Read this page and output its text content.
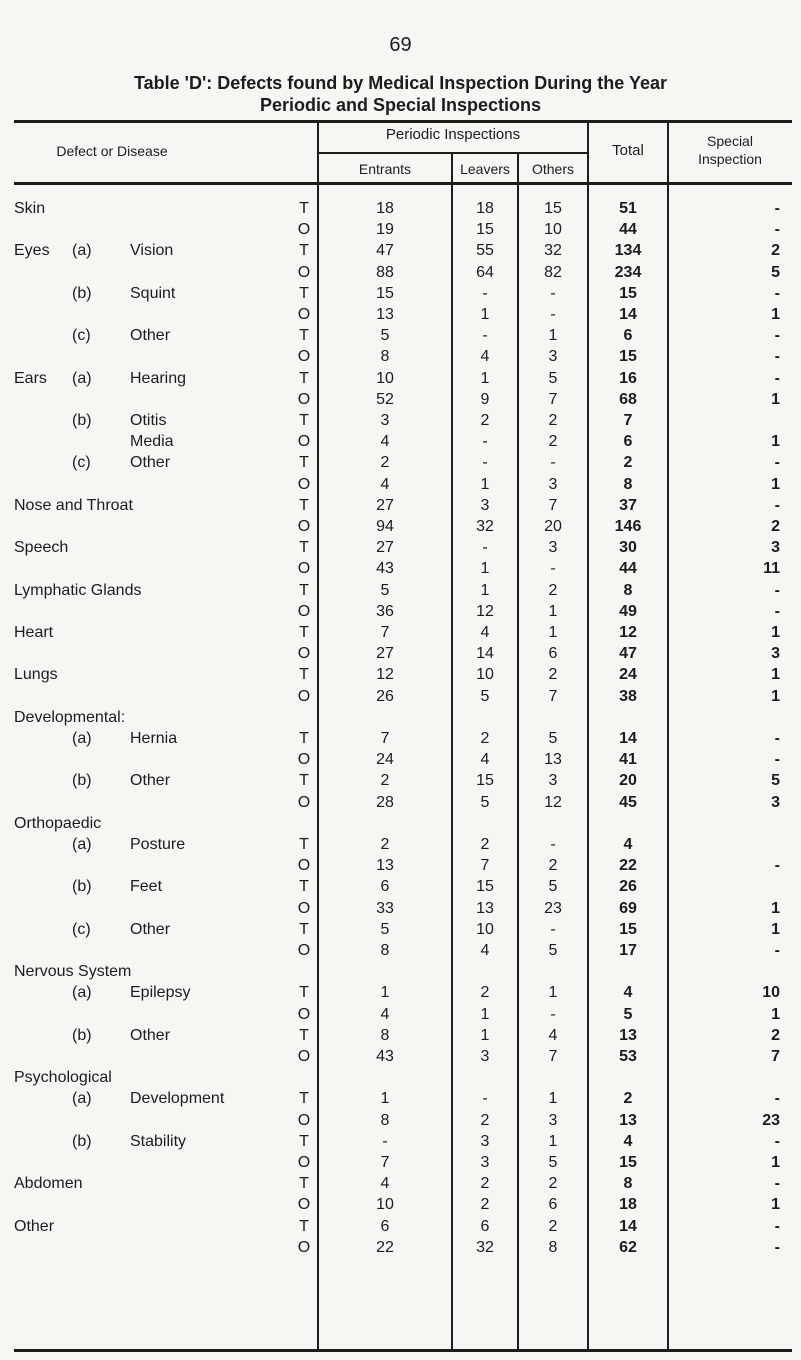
69
Table 'D': Defects found by Medical Inspection During the Year
Periodic and Special Inspections
Defect or Disease
Periodic Inspections
Entrants	Leavers	Others
Total
Special
Inspection
Skin	T	18	18	15	51	-
O	19	15	10	44	-
Eyes (a) Vision	T	47	55	32	134	2
O	88	64	82	234	5
(b) Squint	T	15	-	-	15	-
O	13	1	-	14	1
(c) Other	T	5	-	1	6	-
O	8	4	3	15	-
Ears (a) Hearing	T	10	1	5	16	-
O	52	9	7	68	1
(b) Otitis	T	3	2	2	7
Media	O	4	-	2	6	1
(c) Other	T	2	-	-	2	-
O	4	1	3	8	1
Nose and Throat	T	27	3	7	37	-
O	94	32	20	146	2
Speech	T	27	-	3	30	3
O	43	1	-	44	11
Lymphatic Glands	T	5	1	2	8	-
O	36	12	1	49	-
Heart	T	7	4	1	12	1
O	27	14	6	47	3
Lungs	T	12	10	2	24	1
O	26	5	7	38	1
Developmental:
(a) Hernia	T	7	2	5	14	-
O	24	4	13	41	-
(b) Other	T	2	15	3	20	5
O	28	5	12	45	3
Orthopaedic
(a) Posture	T	2	2	-	4
O	13	7	2	22	-
(b) Feet	T	6	15	5	26
O	33	13	23	69	1
(c) Other	T	5	10	-	15	1
O	8	4	5	17	-
Nervous System
(a) Epilepsy	T	1	2	1	4	10
O	4	1	-	5	1
(b) Other	T	8	1	4	13	2
O	43	3	7	53	7
Psychological
(a) Development	T	1	-	1	2	-
O	8	2	3	13	23
(b) Stability	T	-	3	1	4	-
O	7	3	5	15	1
Abdomen	T	4	2	2	8	-
O	10	2	6	18	1
Other	T	6	6	2	14	-
O	22	32	8	62	-
